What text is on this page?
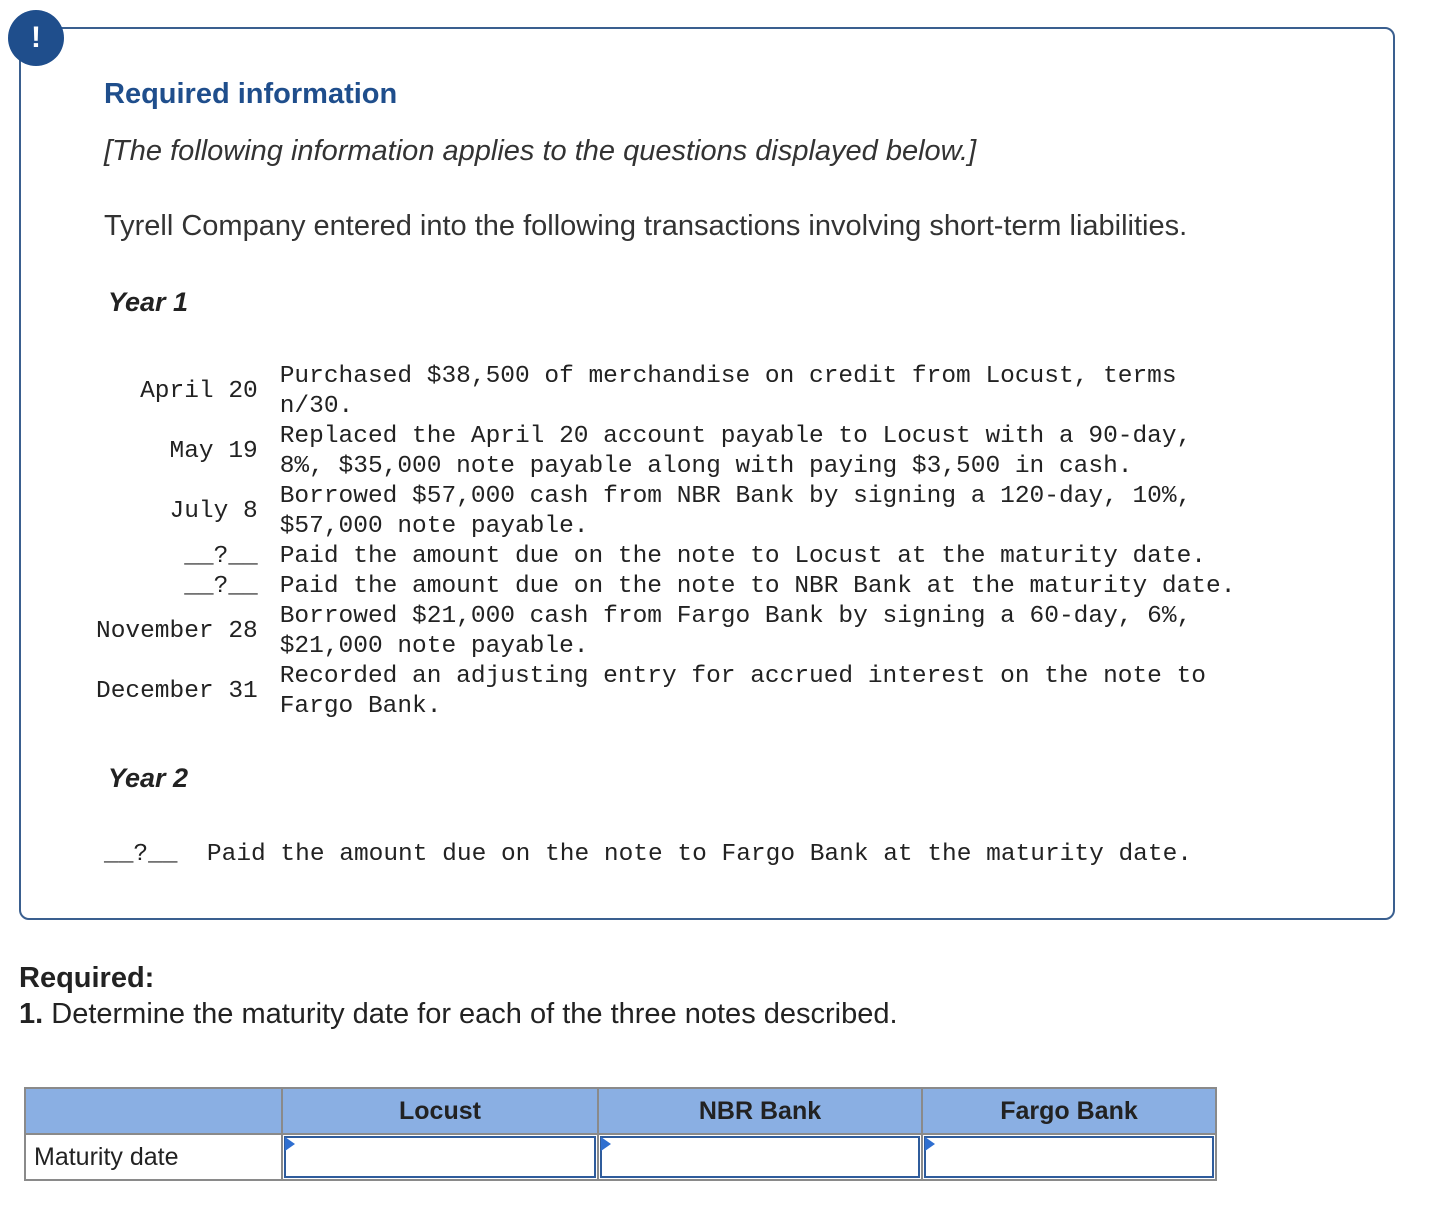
!
Required information

[The following information applies to the questions displayed below.]

Tyrell Company entered into the following transactions involving short-term liabilities.

Year 1
April 20	Purchased $38,500 of merchandise on credit from Locust, terms
n/30.
May 19	Replaced the April 20 account payable to Locust with a 90-day,
8%, $35,000 note payable along with paying $3,500 in cash.
July 8	Borrowed $57,000 cash from NBR Bank by signing a 120-day, 10%,
$57,000 note payable.
__?__	Paid the amount due on the note to Locust at the maturity date.
__?__	Paid the amount due on the note to NBR Bank at the maturity date.
November 28	Borrowed $21,000 cash from Fargo Bank by signing a 60-day, 6%,
$21,000 note payable.
December 31	Recorded an adjusting entry for accrued interest on the note to
Fargo Bank.
Year 2
__?__ Paid the amount due on the note to Fargo Bank at the maturity date.

Required:

1. Determine the maturity date for each of the three notes described.

	Locust	NBR Bank	Fargo Bank
Maturity date	
